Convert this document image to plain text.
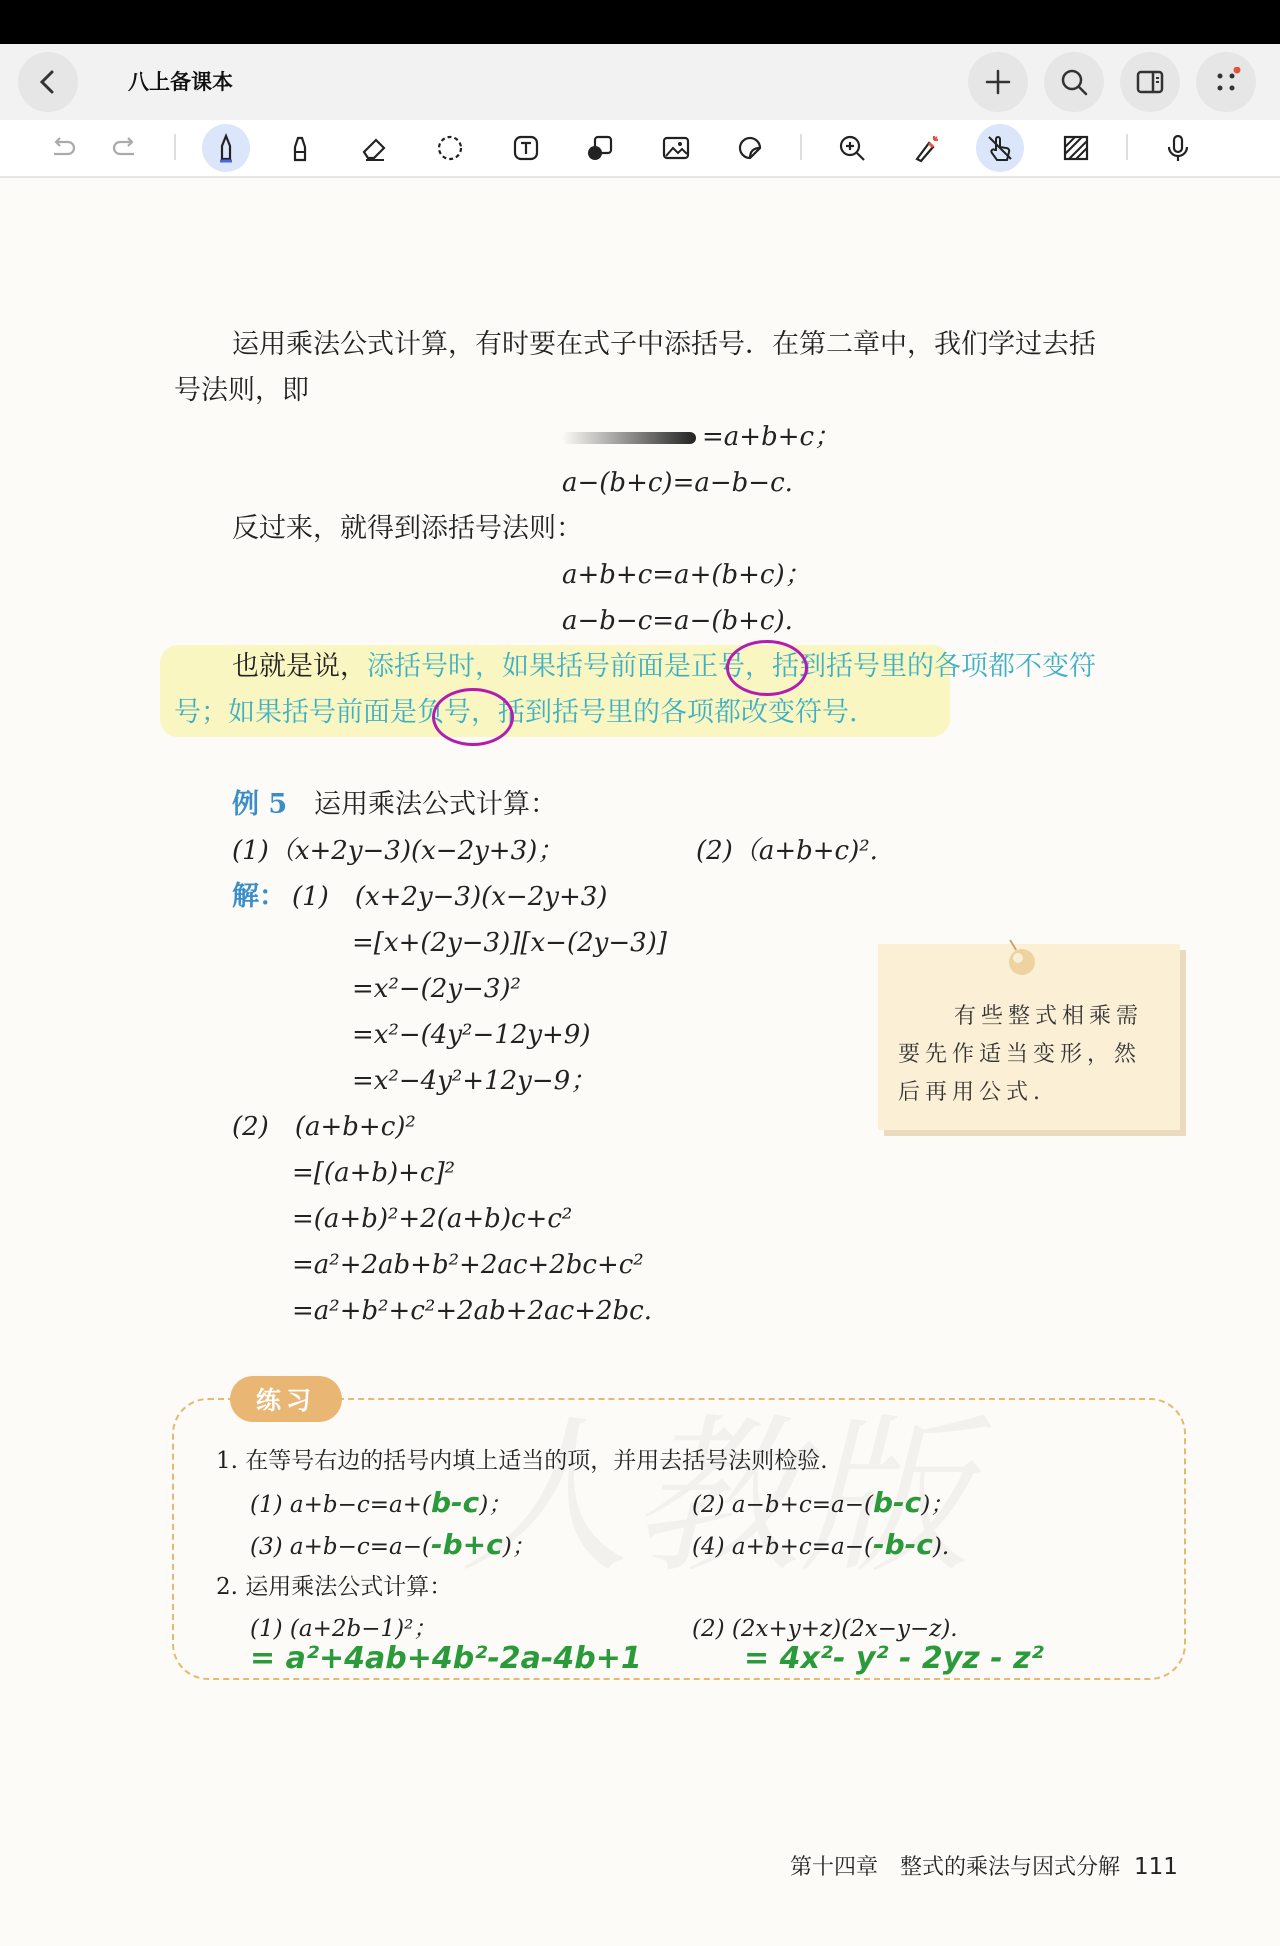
八上备课本
运用乘法公式计算，有时要在式子中添括号．在第二章中，我们学过去括
号法则，即
=a+b+c；
a−(b+c)=a−b−c.
反过来，就得到添括号法则：
a+b+c=a+(b+c)；
a−b−c=a−(b+c).
也就是说，添括号时，如果括号前面是正号，括到括号里的各项都不变符
号；如果括号前面是负号，括到括号里的各项都改变符号.
例 5 运用乘法公式计算：
(1)（x+2y−3)(x−2y+3)；	(2)（a+b+c)².
解： (1)　(x+2y−3)(x−2y+3)
=[x+(2y−3)][x−(2y−3)]
=x²−(2y−3)²
=x²−(4y²−12y+9)
=x²−4y²+12y−9；
(2)　(a+b+c)²
=[(a+b)+c]²
=(a+b)²+2(a+b)c+c²
=a²+2ab+b²+2ac+2bc+c²
=a²+b²+c²+2ab+2ac+2bc.
有些整式相乘需
要先作适当变形，然
后再用公式.
练习
1. 在等号右边的括号内填上适当的项，并用去括号法则检验.
(1) a+b−c=a+(b-c)；	(2) a−b+c=a−(b-c)；
(3) a+b−c=a−(-b+c)；	(4) a+b+c=a−(-b-c).
2. 运用乘法公式计算：
(1) (a+2b−1)²；	(2) (2x+y+z)(2x−y−z).
= a²+4ab+4b²-2a-4b+1	= 4x²- y² - 2yz - z²
第十四章　整式的乘法与因式分解 111
